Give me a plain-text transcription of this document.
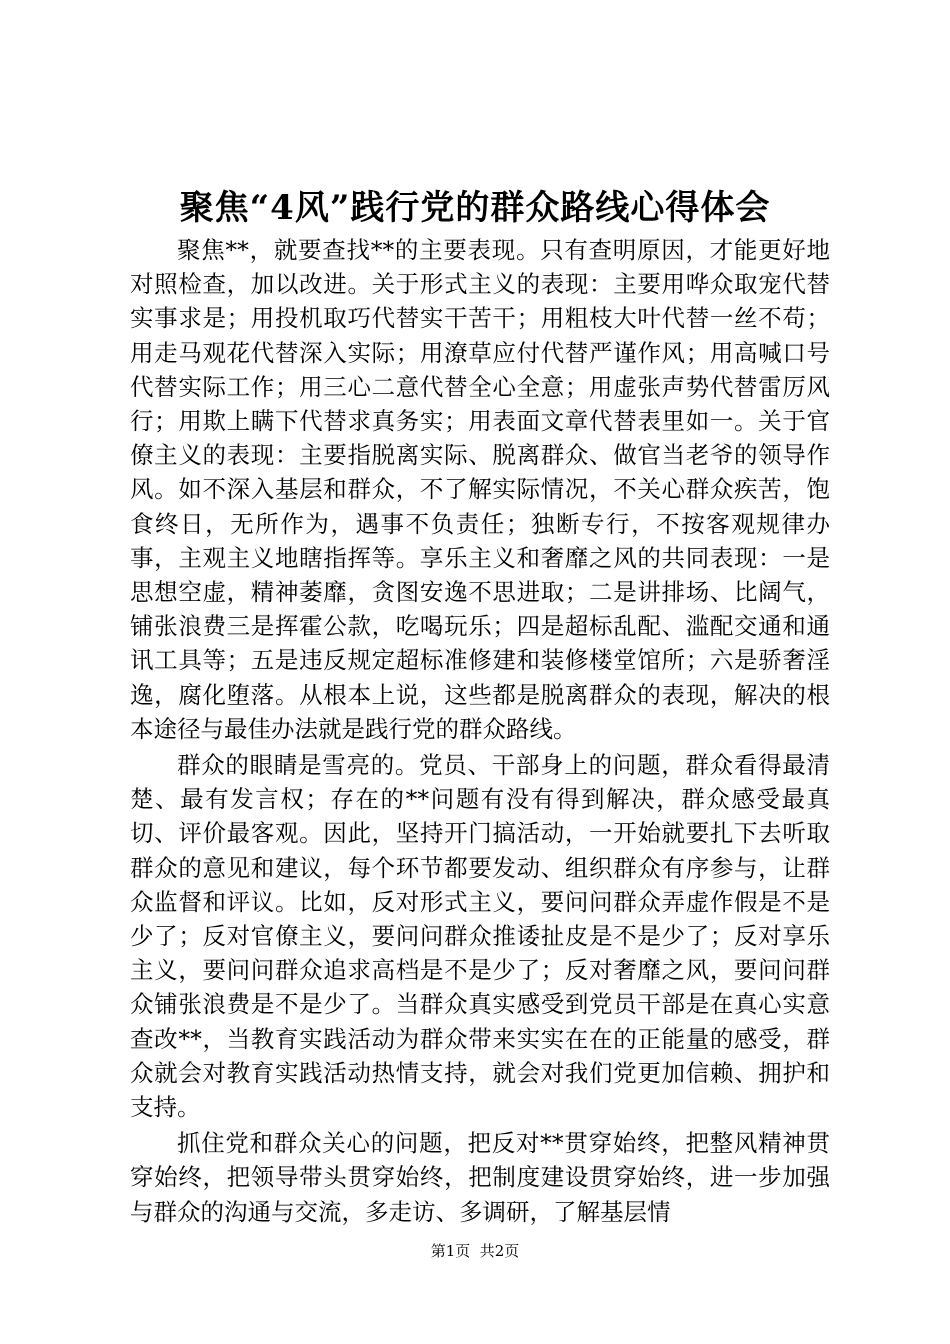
聚焦“4风”践行党的群众路线心得体会

聚焦**，就要查找**的主要表现。只有查明原因，才能更好地对照检查，加以改进。关于形式主义的表现：主要用哗众取宠代替实事求是；用投机取巧代替实干苦干；用粗枝大叶代替一丝不苟；用走马观花代替深入实际；用潦草应付代替严谨作风；用高喊口号代替实际工作；用三心二意代替全心全意；用虚张声势代替雷厉风行；用欺上瞒下代替求真务实；用表面文章代替表里如一。关于官僚主义的表现：主要指脱离实际、脱离群众、做官当老爷的领导作风。如不深入基层和群众，不了解实际情况，不关心群众疾苦，饱食终日，无所作为，遇事不负责任；独断专行，不按客观规律办事，主观主义地瞎指挥等。享乐主义和奢靡之风的共同表现：一是思想空虚，精神萎靡，贪图安逸不思进取；二是讲排场、比阔气，铺张浪费三是挥霍公款，吃喝玩乐；四是超标乱配、滥配交通和通讯工具等；五是违反规定超标准修建和装修楼堂馆所；六是骄奢淫逸，腐化堕落。从根本上说，这些都是脱离群众的表现，解决的根本途径与最佳办法就是践行党的群众路线。

群众的眼睛是雪亮的。党员、干部身上的问题，群众看得最清楚、最有发言权；存在的**问题有没有得到解决，群众感受最真切、评价最客观。因此，坚持开门搞活动，一开始就要扎下去听取群众的意见和建议，每个环节都要发动、组织群众有序参与，让群众监督和评议。比如，反对形式主义，要问问群众弄虚作假是不是少了；反对官僚主义，要问问群众推诿扯皮是不是少了；反对享乐主义，要问问群众追求高档是不是少了；反对奢靡之风，要问问群众铺张浪费是不是少了。当群众真实感受到党员干部是在真心实意查改**，当教育实践活动为群众带来实实在在的正能量的感受，群众就会对教育实践活动热情支持，就会对我们党更加信赖、拥护和支持。

抓住党和群众关心的问题，把反对**贯穿始终，把整风精神贯穿始终，把领导带头贯穿始终，把制度建设贯穿始终，进一步加强与群众的沟通与交流，多走访、多调研，了解基层情

第1页  共2页
